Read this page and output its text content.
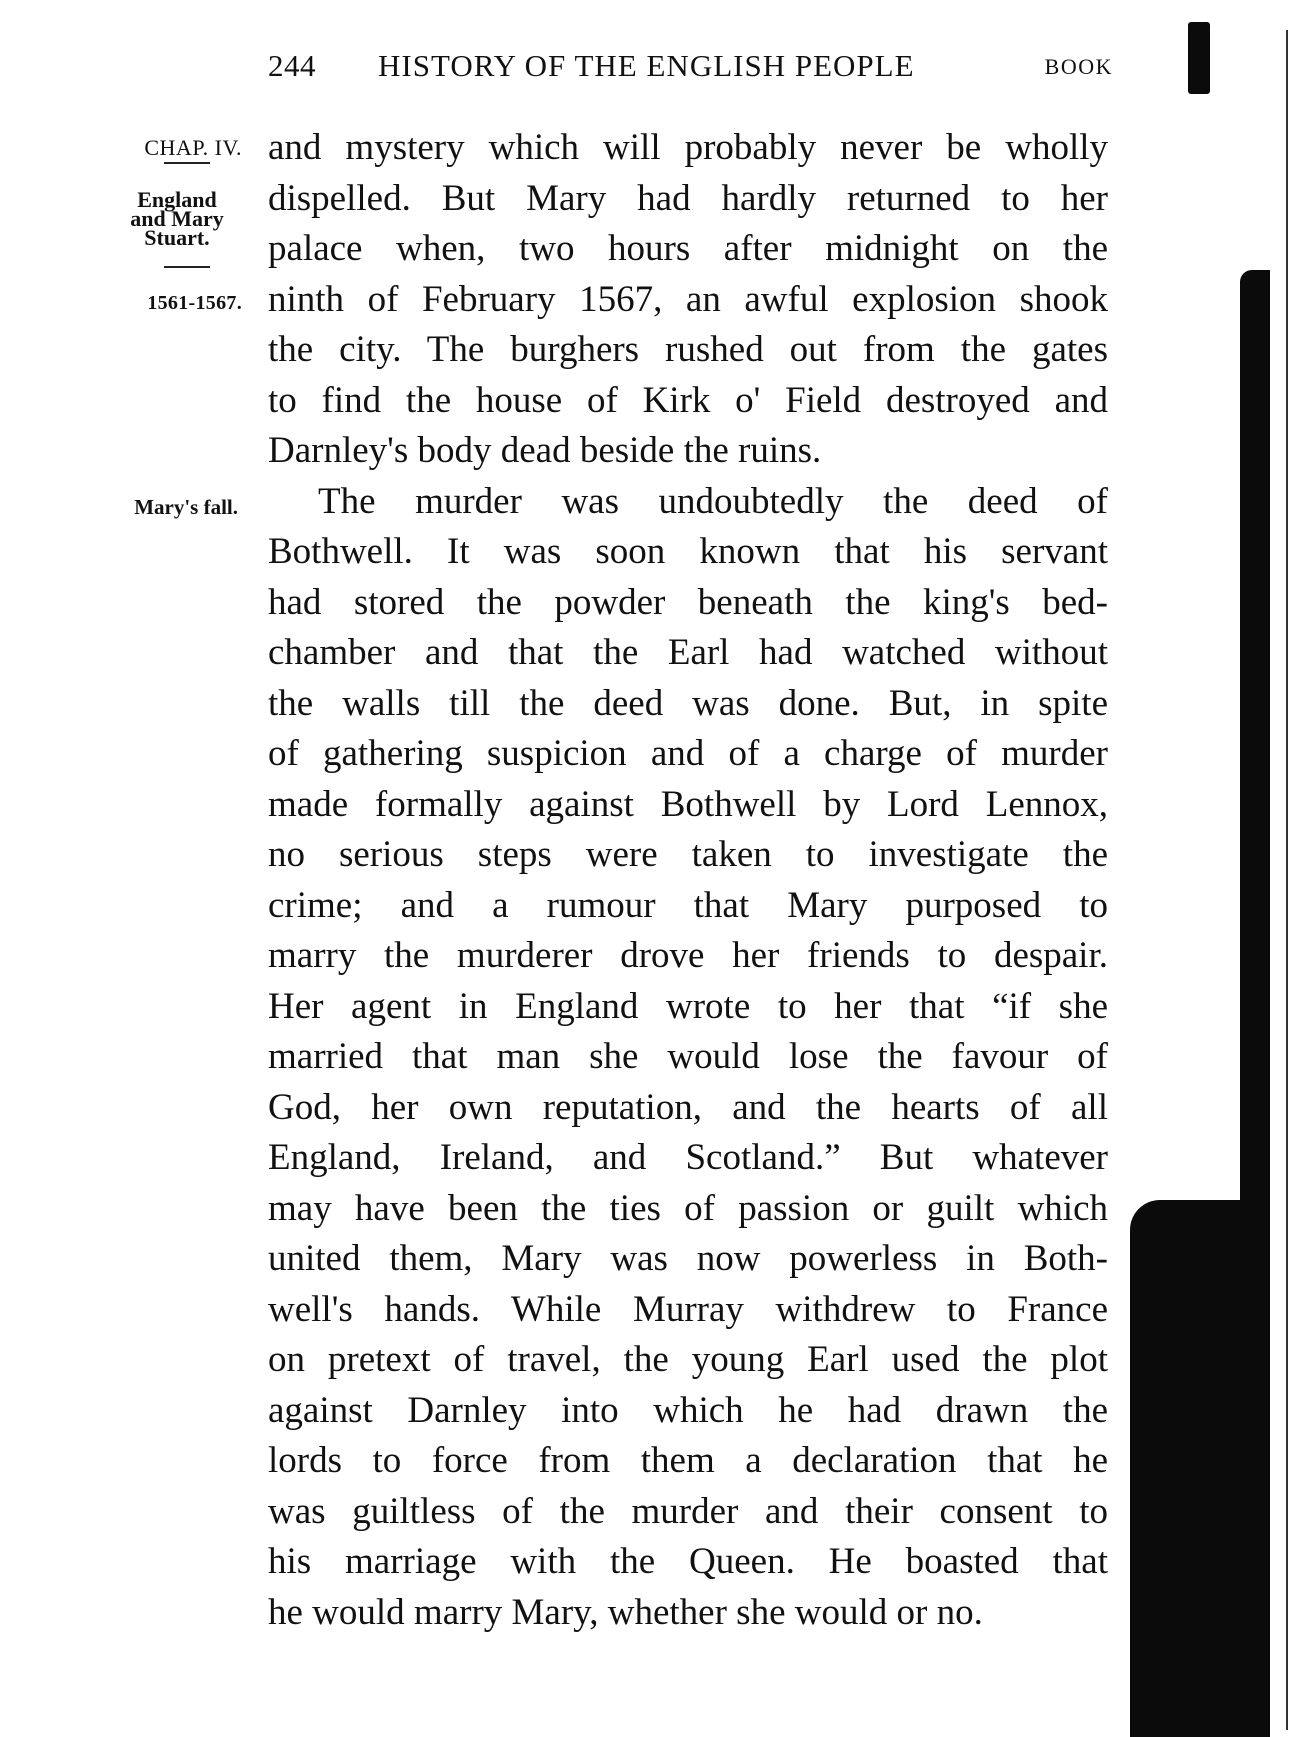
244 HISTORY OF THE ENGLISH PEOPLE	BOOK
CHAP. IV.
England
and Mary
Stuart.
1561-1567.
Mary's fall.
and mystery which will probably never be wholly
dispelled. But Mary had hardly returned to her
palace when, two hours after midnight on the
ninth of February 1567, an awful explosion shook
the city. The burghers rushed out from the gates
to find the house of Kirk o' Field destroyed and
Darnley's body dead beside the ruins.
The murder was undoubtedly the deed of
Bothwell. It was soon known that his servant
had stored the powder beneath the king's bed-
chamber and that the Earl had watched without
the walls till the deed was done. But, in spite
of gathering suspicion and of a charge of murder
made formally against Bothwell by Lord Lennox,
no serious steps were taken to investigate the
crime; and a rumour that Mary purposed to
marry the murderer drove her friends to despair.
Her agent in England wrote to her that “if she
married that man she would lose the favour of
God, her own reputation, and the hearts of all
England, Ireland, and Scotland.” But whatever
may have been the ties of passion or guilt which
united them, Mary was now powerless in Both-
well's hands. While Murray withdrew to France
on pretext of travel, the young Earl used the plot
against Darnley into which he had drawn the
lords to force from them a declaration that he
was guiltless of the murder and their consent to
his marriage with the Queen. He boasted that
he would marry Mary, whether she would or no.
